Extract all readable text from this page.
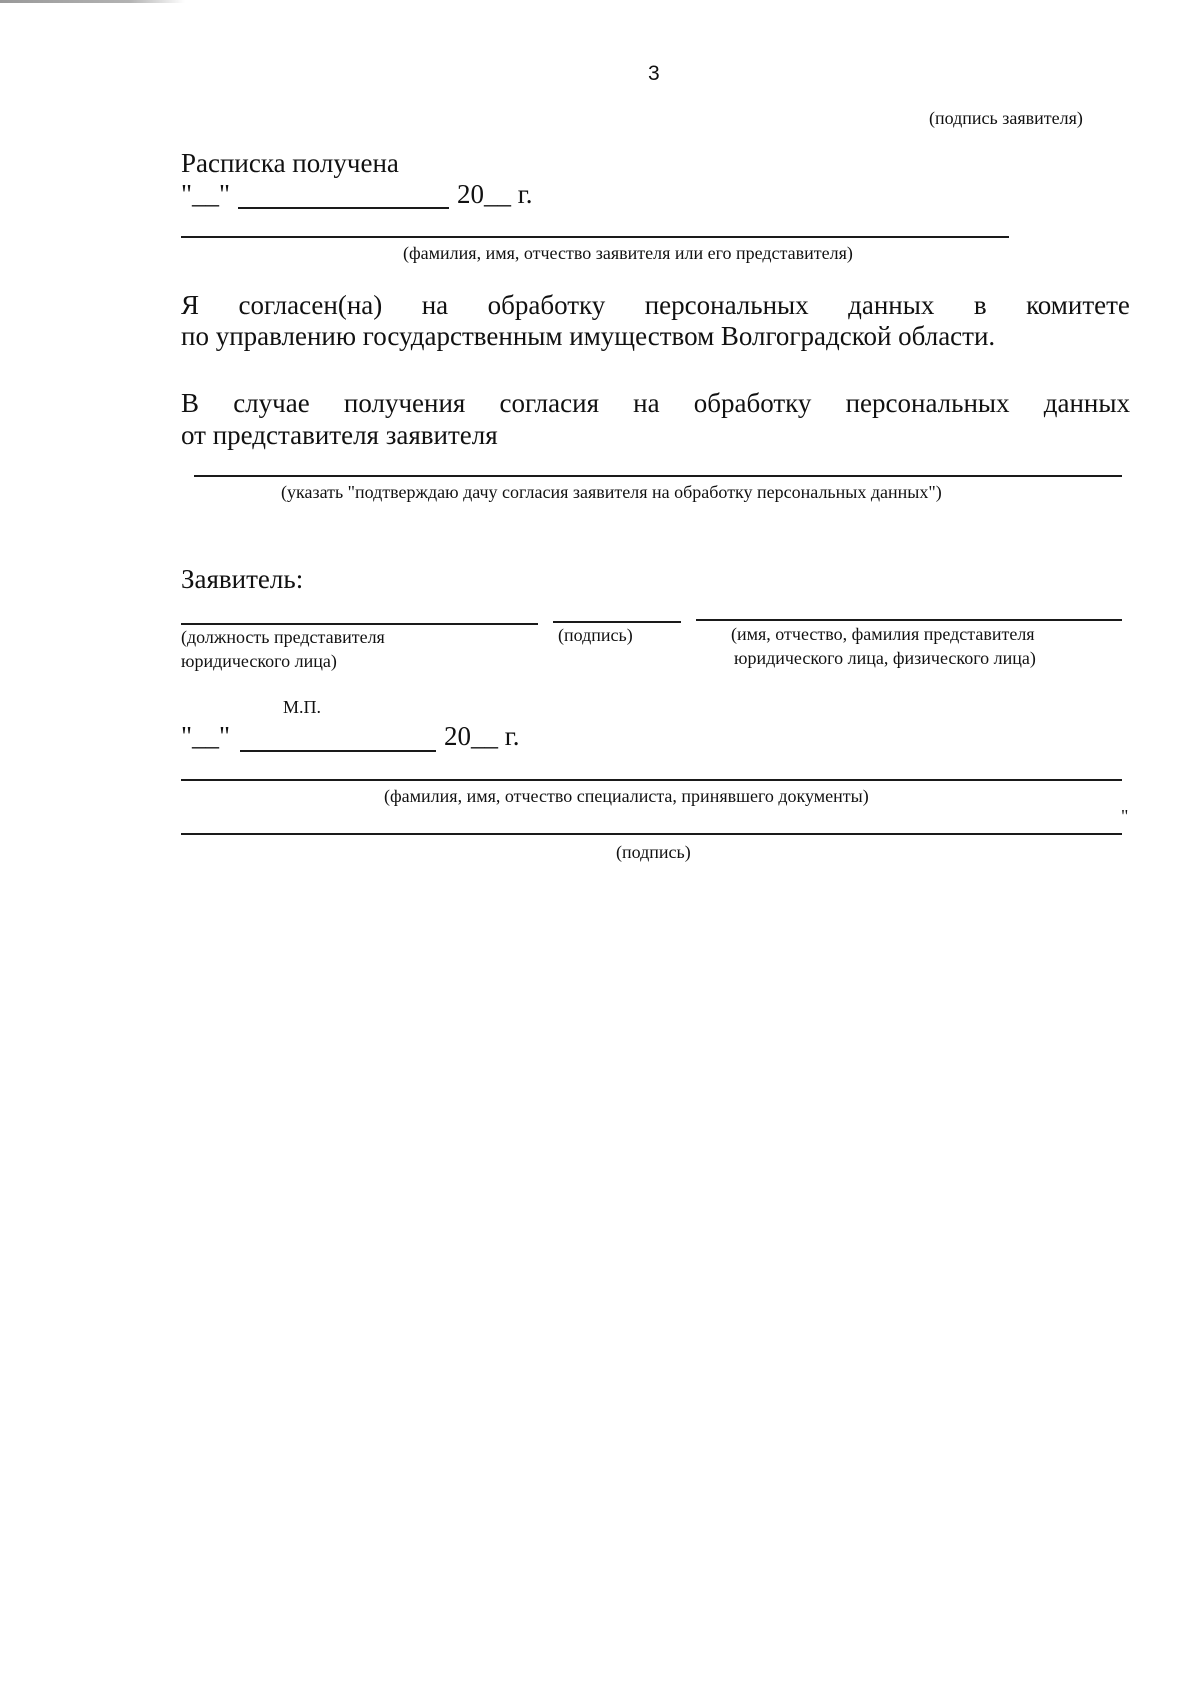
3
(подпись заявителя)
Расписка получена
"__"	20__ г.
(фамилия, имя, отчество заявителя или его представителя)
Я согласен(на) на обработку персональных данных в комитете
по управлению государственным имуществом Волгоградской области.
В случае получения согласия на обработку персональных данных
от представителя заявителя
(указать "подтверждаю дачу согласия заявителя на обработку персональных данных")
Заявитель:
(должность представителя
юридического лица)
(подпись)	(имя, отчество, фамилия представителя
юридического лица, физического лица)
М.П.
"__"	20__ г.
(фамилия, имя, отчество специалиста, принявшего документы)
"
(подпись)
